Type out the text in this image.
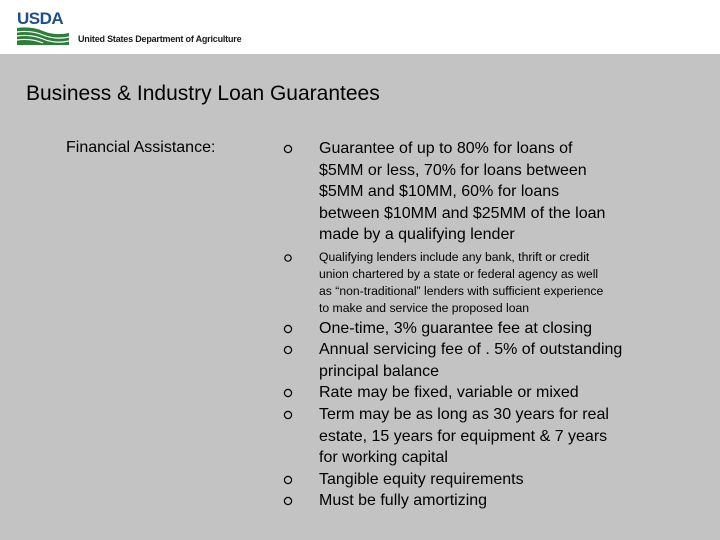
USDA
United States Department of Agriculture
Business & Industry Loan Guarantees
Financial Assistance:	Guarantee of up to 80% for loans of
$5MM or less, 70% for loans between
$5MM and $10MM, 60% for loans
between $10MM and $25MM of the loan
made by a qualifying lender

Qualifying lenders include any bank, thrift or credit
union chartered by a state or federal agency as well
as “non-traditional” lenders with sufficient experience
to make and service the proposed loan

One-time, 3% guarantee fee at closing

Annual servicing fee of . 5% of outstanding
principal balance

Rate may be fixed, variable or mixed

Term may be as long as 30 years for real
estate, 15 years for equipment & 7 years
for working capital

Tangible equity requirements

Must be fully amortizing
